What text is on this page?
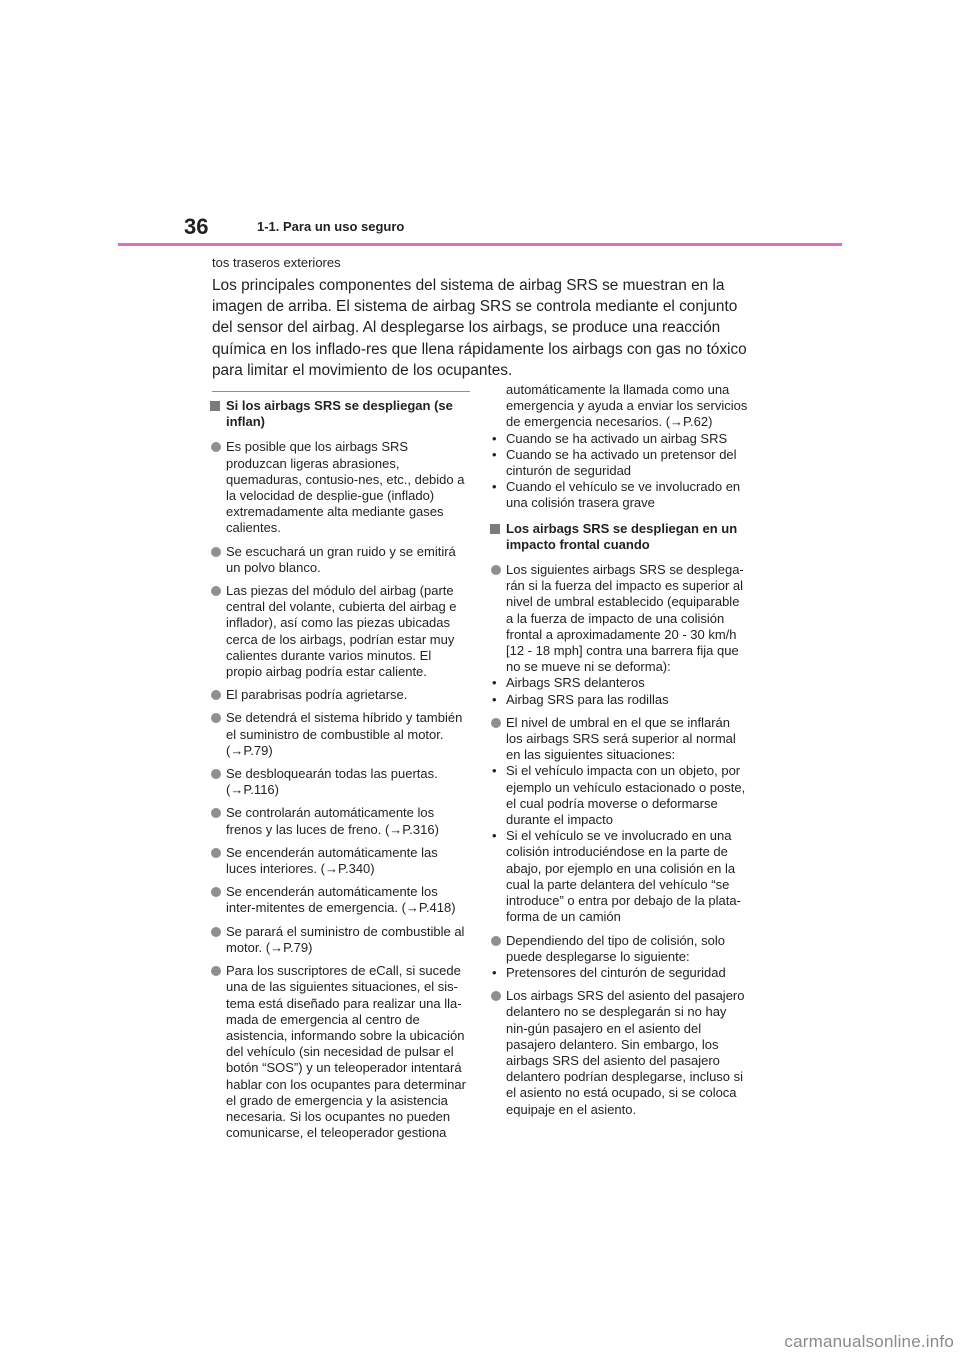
36	1-1. Para un uso seguro
tos traseros exteriores

Los principales componentes del sistema de airbag SRS se muestran en la imagen de arriba. El sistema de airbag SRS se controla mediante el conjunto del sensor del airbag. Al desplegarse los airbags, se produce una reacción química en los inflado-res que llena rápidamente los airbags con gas no tóxico para limitar el movimiento de los ocupantes.

Si los airbags SRS se despliegan (se inflan)
Es posible que los airbags SRS produzcan ligeras abrasiones, quemaduras, contusio-nes, etc., debido a la velocidad de desplie-gue (inflado) extremadamente alta mediante gases calientes.
Se escuchará un gran ruido y se emitirá un polvo blanco.
Las piezas del módulo del airbag (parte central del volante, cubierta del airbag e inflador), así como las piezas ubicadas cerca de los airbags, podrían estar muy calientes durante varios minutos. El propio airbag podría estar caliente.
El parabrisas podría agrietarse.
Se detendrá el sistema híbrido y también el suministro de combustible al motor. (→P.79)
Se desbloquearán todas las puertas. (→P.116)
Se controlarán automáticamente los frenos y las luces de freno. (→P.316)
Se encenderán automáticamente las luces interiores. (→P.340)
Se encenderán automáticamente los inter-mitentes de emergencia. (→P.418)
Se parará el suministro de combustible al motor. (→P.79)
Para los suscriptores de eCall, si sucede una de las siguientes situaciones, el sis-tema está diseñado para realizar una lla-mada de emergencia al centro de asistencia, informando sobre la ubicación del vehículo (sin necesidad de pulsar el botón “SOS”) y un teleoperador intentará hablar con los ocupantes para determinar el grado de emergencia y la asistencia necesaria. Si los ocupantes no pueden comunicarse, el teleoperador gestiona

automáticamente la llamada como una emergencia y ayuda a enviar los servicios de emergencia necesarios. (→P.62)

• Cuando se ha activado un airbag SRS
• Cuando se ha activado un pretensor del cinturón de seguridad
• Cuando el vehículo se ve involucrado en una colisión trasera grave
Los airbags SRS se despliegan en un impacto frontal cuando
Los siguientes airbags SRS se desplega-rán si la fuerza del impacto es superior al nivel de umbral establecido (equiparable a la fuerza de impacto de una colisión frontal a aproximadamente 20 - 30 km/h [12 - 18 mph] contra una barrera fija que no se mueve ni se deforma):
• Airbags SRS delanteros
• Airbag SRS para las rodillas
El nivel de umbral en el que se inflarán los airbags SRS será superior al normal en las siguientes situaciones:
• Si el vehículo impacta con un objeto, por ejemplo un vehículo estacionado o poste, el cual podría moverse o deformarse durante el impacto
• Si el vehículo se ve involucrado en una colisión introduciéndose en la parte de abajo, por ejemplo en una colisión en la cual la parte delantera del vehículo “se introduce” o entra por debajo de la plata-forma de un camión
Dependiendo del tipo de colisión, solo puede desplegarse lo siguiente:
• Pretensores del cinturón de seguridad
Los airbags SRS del asiento del pasajero delantero no se desplegarán si no hay nin-gún pasajero en el asiento del pasajero delantero. Sin embargo, los airbags SRS del asiento del pasajero delantero podrían desplegarse, incluso si el asiento no está ocupado, si se coloca equipaje en el asiento.
carmanualsonline.info
